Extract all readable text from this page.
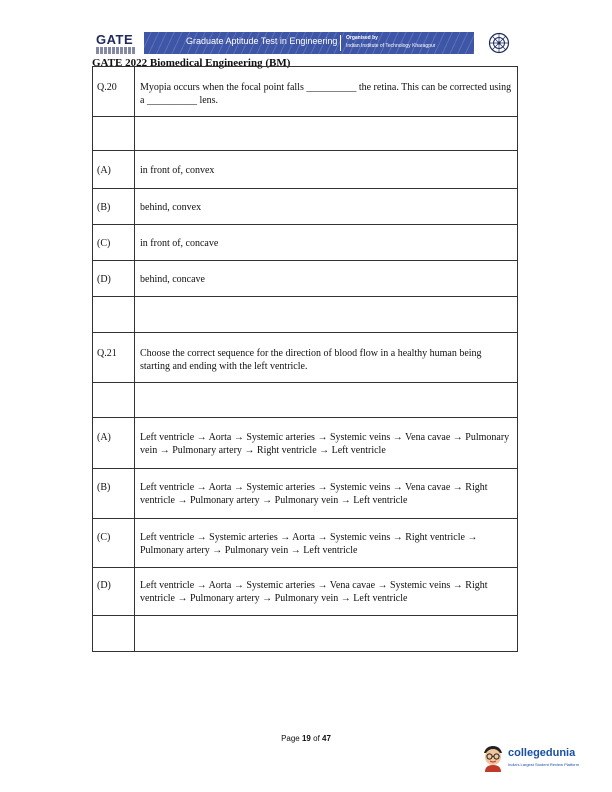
GATE	Graduate Aptitude Test in Engineering Organised by
Indian Institute of Technology Kharagpur
GATE 2022 Biomedical Engineering (BM)
Q.20	Myopia occurs when the focal point falls __________ the retina. This can be corrected using a __________ lens.

(A)	in front of, convex
(B)	behind, convex
(C)	in front of, concave
(D)	behind, concave

Q.21	Choose the correct sequence for the direction of blood flow in a healthy human being starting and ending with the left ventricle.

(A)	Left ventricle → Aorta → Systemic arteries → Systemic veins → Vena cavae → Pulmonary vein → Pulmonary artery → Right ventricle → Left ventricle
(B)	Left ventricle → Aorta → Systemic arteries → Systemic veins → Vena cavae → Right ventricle → Pulmonary artery → Pulmonary vein → Left ventricle
(C)	Left ventricle → Systemic arteries → Aorta → Systemic veins → Right ventricle → Pulmonary artery → Pulmonary vein → Left ventricle
(D)	Left ventricle → Aorta → Systemic arteries → Vena cavae → Systemic veins → Right ventricle → Pulmonary artery → Pulmonary vein → Left ventricle

Page 19 of 47
collegedunia
India's Largest Student Review Platform
